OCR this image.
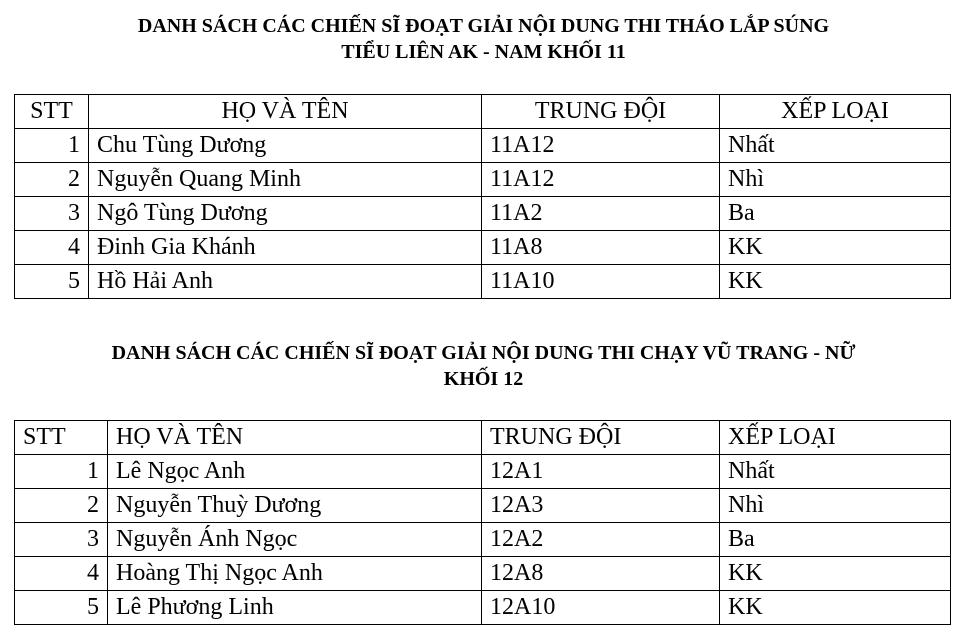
DANH SÁCH CÁC CHIẾN SĨ ĐOẠT GIẢI NỘI DUNG THI THÁO LẮP SÚNG
TIỂU LIÊN AK - NAM KHỐI 11
STT	HỌ VÀ TÊN	TRUNG ĐỘI	XẾP LOẠI
1	Chu Tùng Dương	11A12	Nhất
2	Nguyễn Quang Minh	11A12	Nhì
3	Ngô Tùng Dương	11A2	Ba
4	Đinh Gia Khánh	11A8	KK
5	Hồ Hải Anh	11A10	KK
DANH SÁCH CÁC CHIẾN SĨ ĐOẠT GIẢI NỘI DUNG THI CHẠY VŨ TRANG - NỮ
KHỐI 12
STT	HỌ VÀ TÊN	TRUNG ĐỘI	XẾP LOẠI
1	Lê Ngọc Anh	12A1	Nhất
2	Nguyễn Thuỳ Dương	12A3	Nhì
3	Nguyễn Ánh Ngọc	12A2	Ba
4	Hoàng Thị Ngọc Anh	12A8	KK
5	Lê Phương Linh	12A10	KK
